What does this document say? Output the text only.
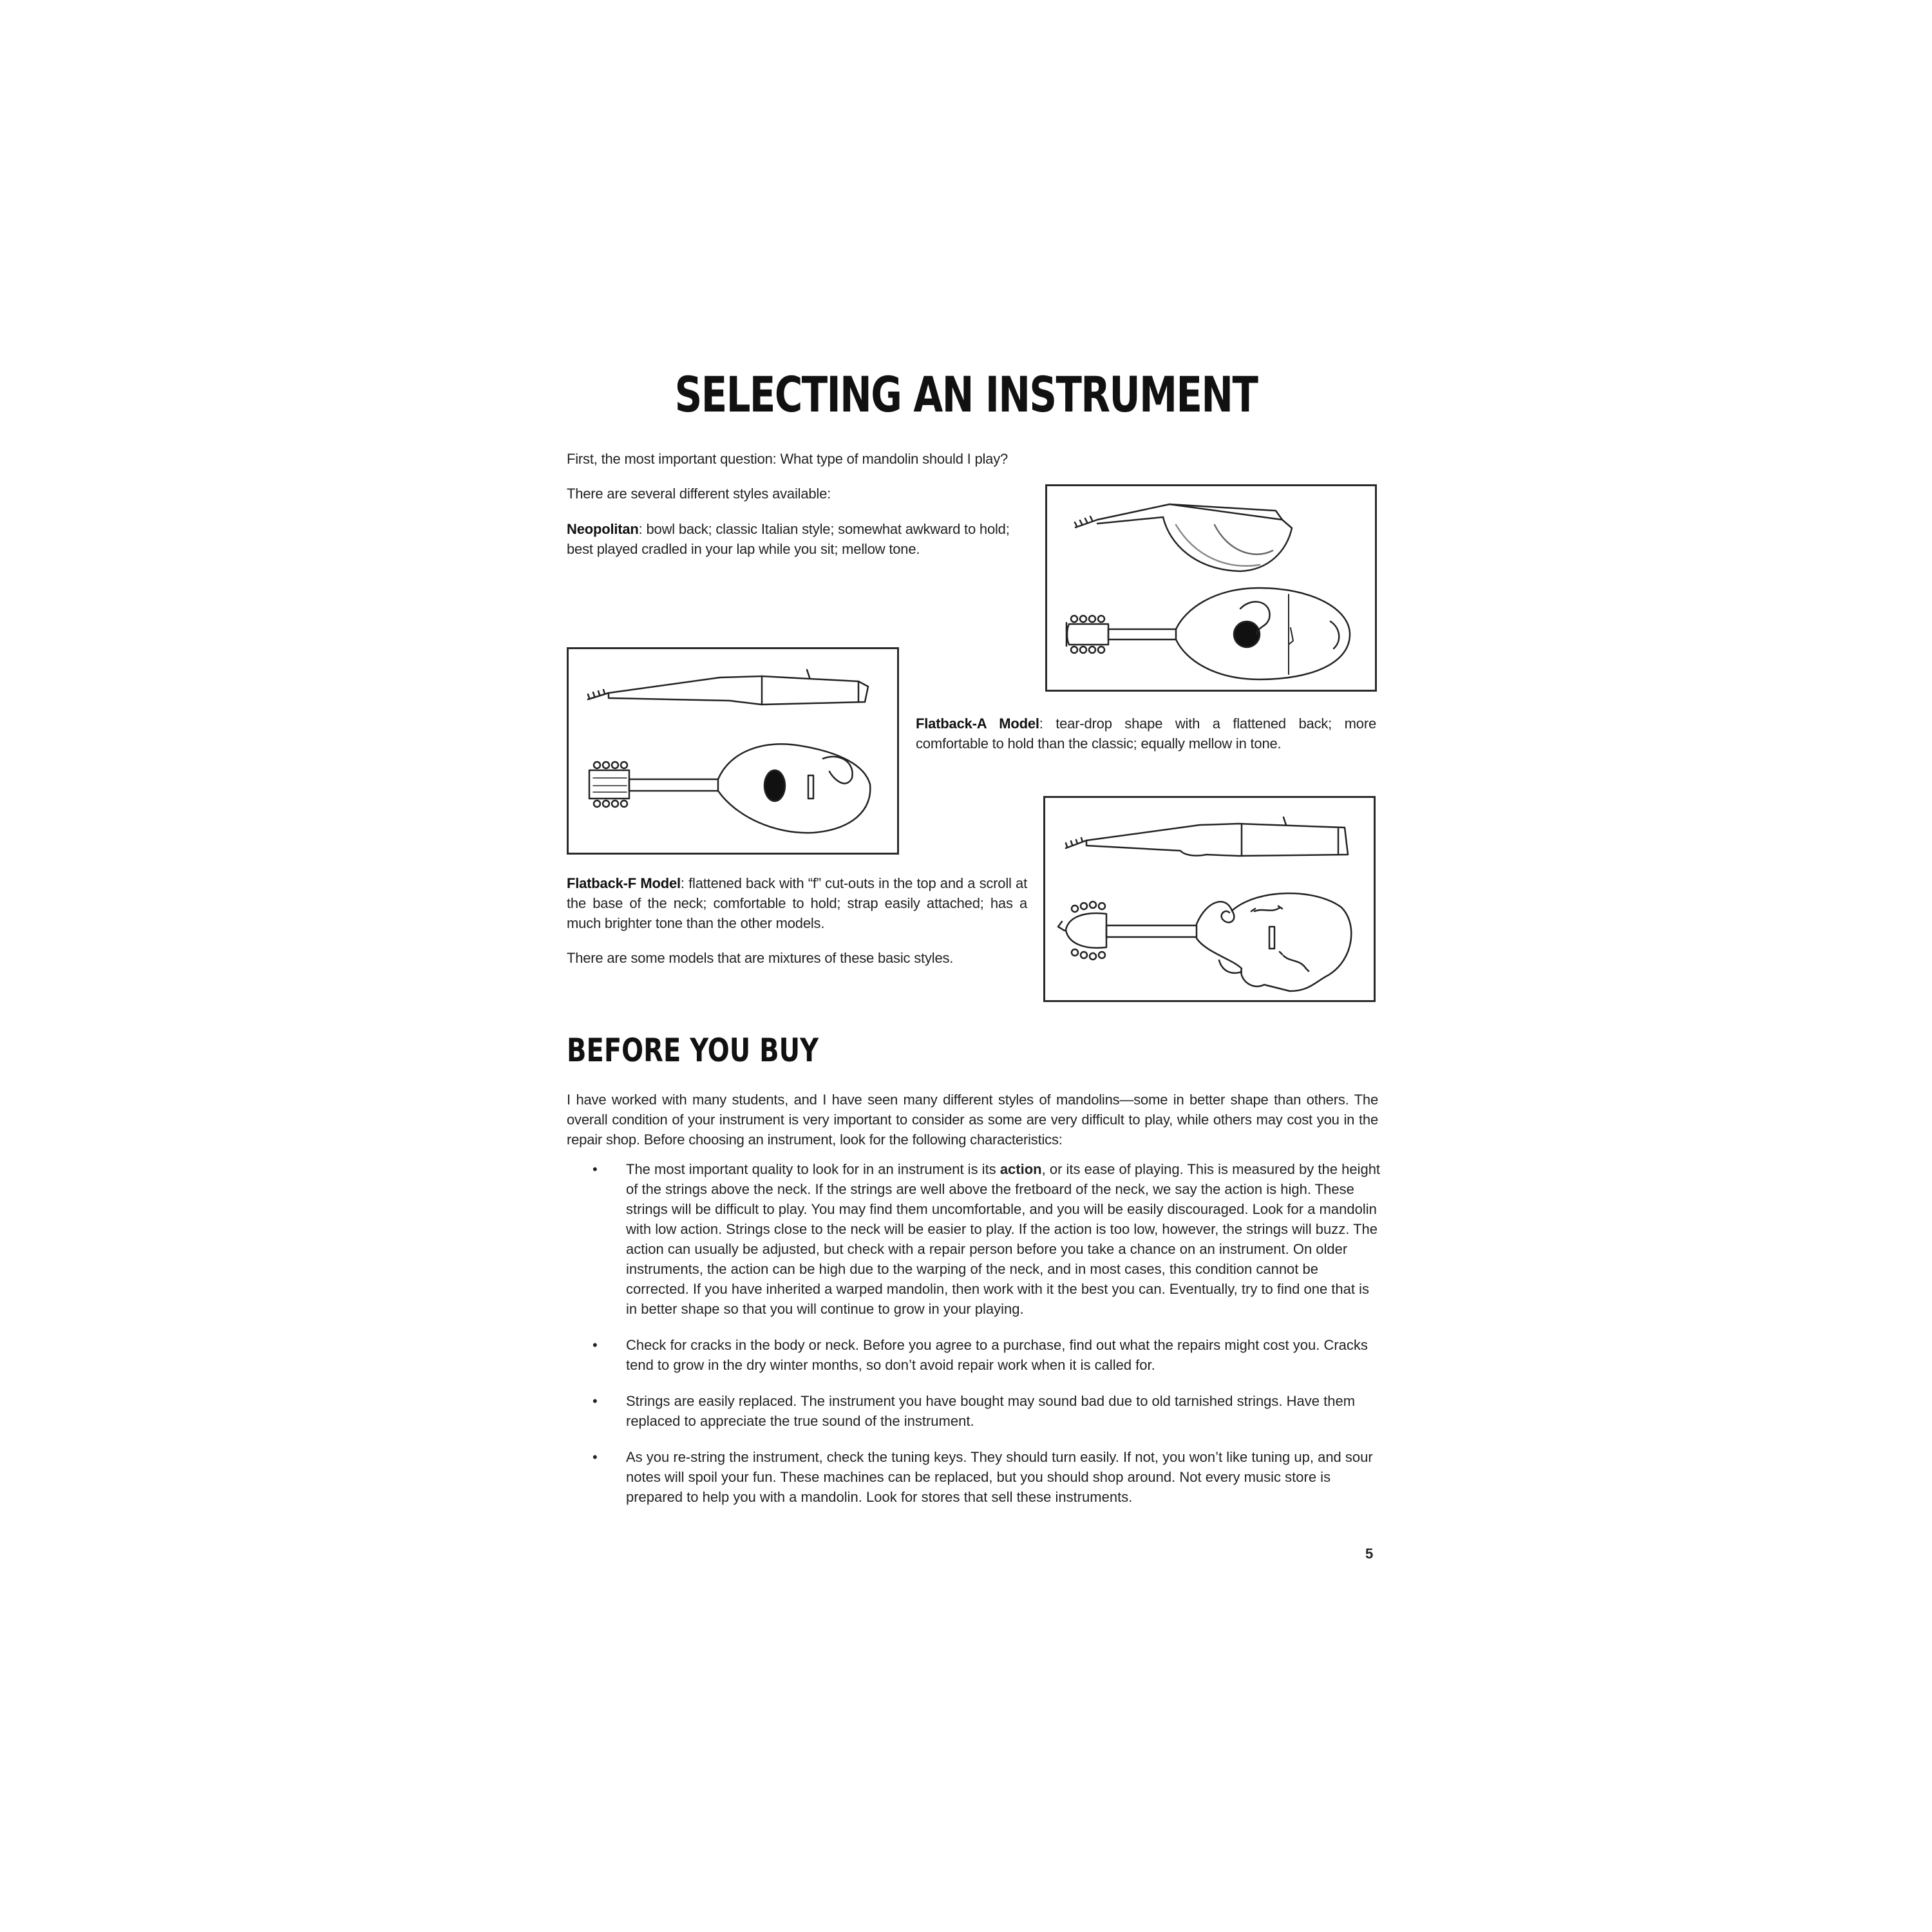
SELECTING AN INSTRUMENT
First, the most important question: What type of mandolin should I play?
There are several different styles available:
Neopolitan: bowl back; classic Italian style; somewhat awkward to hold; best played cradled in your lap while you sit; mellow tone.
Flatback-A Model: tear-drop shape with a flattened back; more comfortable to hold than the classic; equally mellow in tone.
Flatback-F Model: flattened back with “f” cut-outs in the top and a scroll at the base of the neck; comfortable to hold; strap easily attached; has a much brighter tone than the other models.
There are some models that are mixtures of these basic styles.
BEFORE YOU BUY
I have worked with many students, and I have seen many different styles of mandolins—some in better shape than others. The overall condition of your instrument is very important to consider as some are very difficult to play, while others may cost you in the repair shop. Before choosing an instrument, look for the following characteristics:
• The most important quality to look for in an instrument is its action, or its ease of playing. This is measured by the height of the strings above the neck. If the strings are well above the fretboard of the neck, we say the action is high. These strings will be difficult to play. You may find them uncomfortable, and you will be easily discouraged. Look for a mandolin with low action. Strings close to the neck will be easier to play. If the action is too low, however, the strings will buzz. The action can usually be adjusted, but check with a repair person before you take a chance on an instrument. On older instruments, the action can be high due to the warping of the neck, and in most cases, this condition cannot be corrected. If you have inherited a warped mandolin, then work with it the best you can. Eventually, try to find one that is in better shape so that you will continue to grow in your playing.
• Check for cracks in the body or neck. Before you agree to a purchase, find out what the repairs might cost you. Cracks tend to grow in the dry winter months, so don’t avoid repair work when it is called for.
• Strings are easily replaced. The instrument you have bought may sound bad due to old tarnished strings. Have them replaced to appreciate the true sound of the instrument.
• As you re-string the instrument, check the tuning keys. They should turn easily. If not, you won’t like tuning up, and sour notes will spoil your fun. These machines can be replaced, but you should shop around. Not every music store is prepared to help you with a mandolin. Look for stores that sell these instruments.
5
